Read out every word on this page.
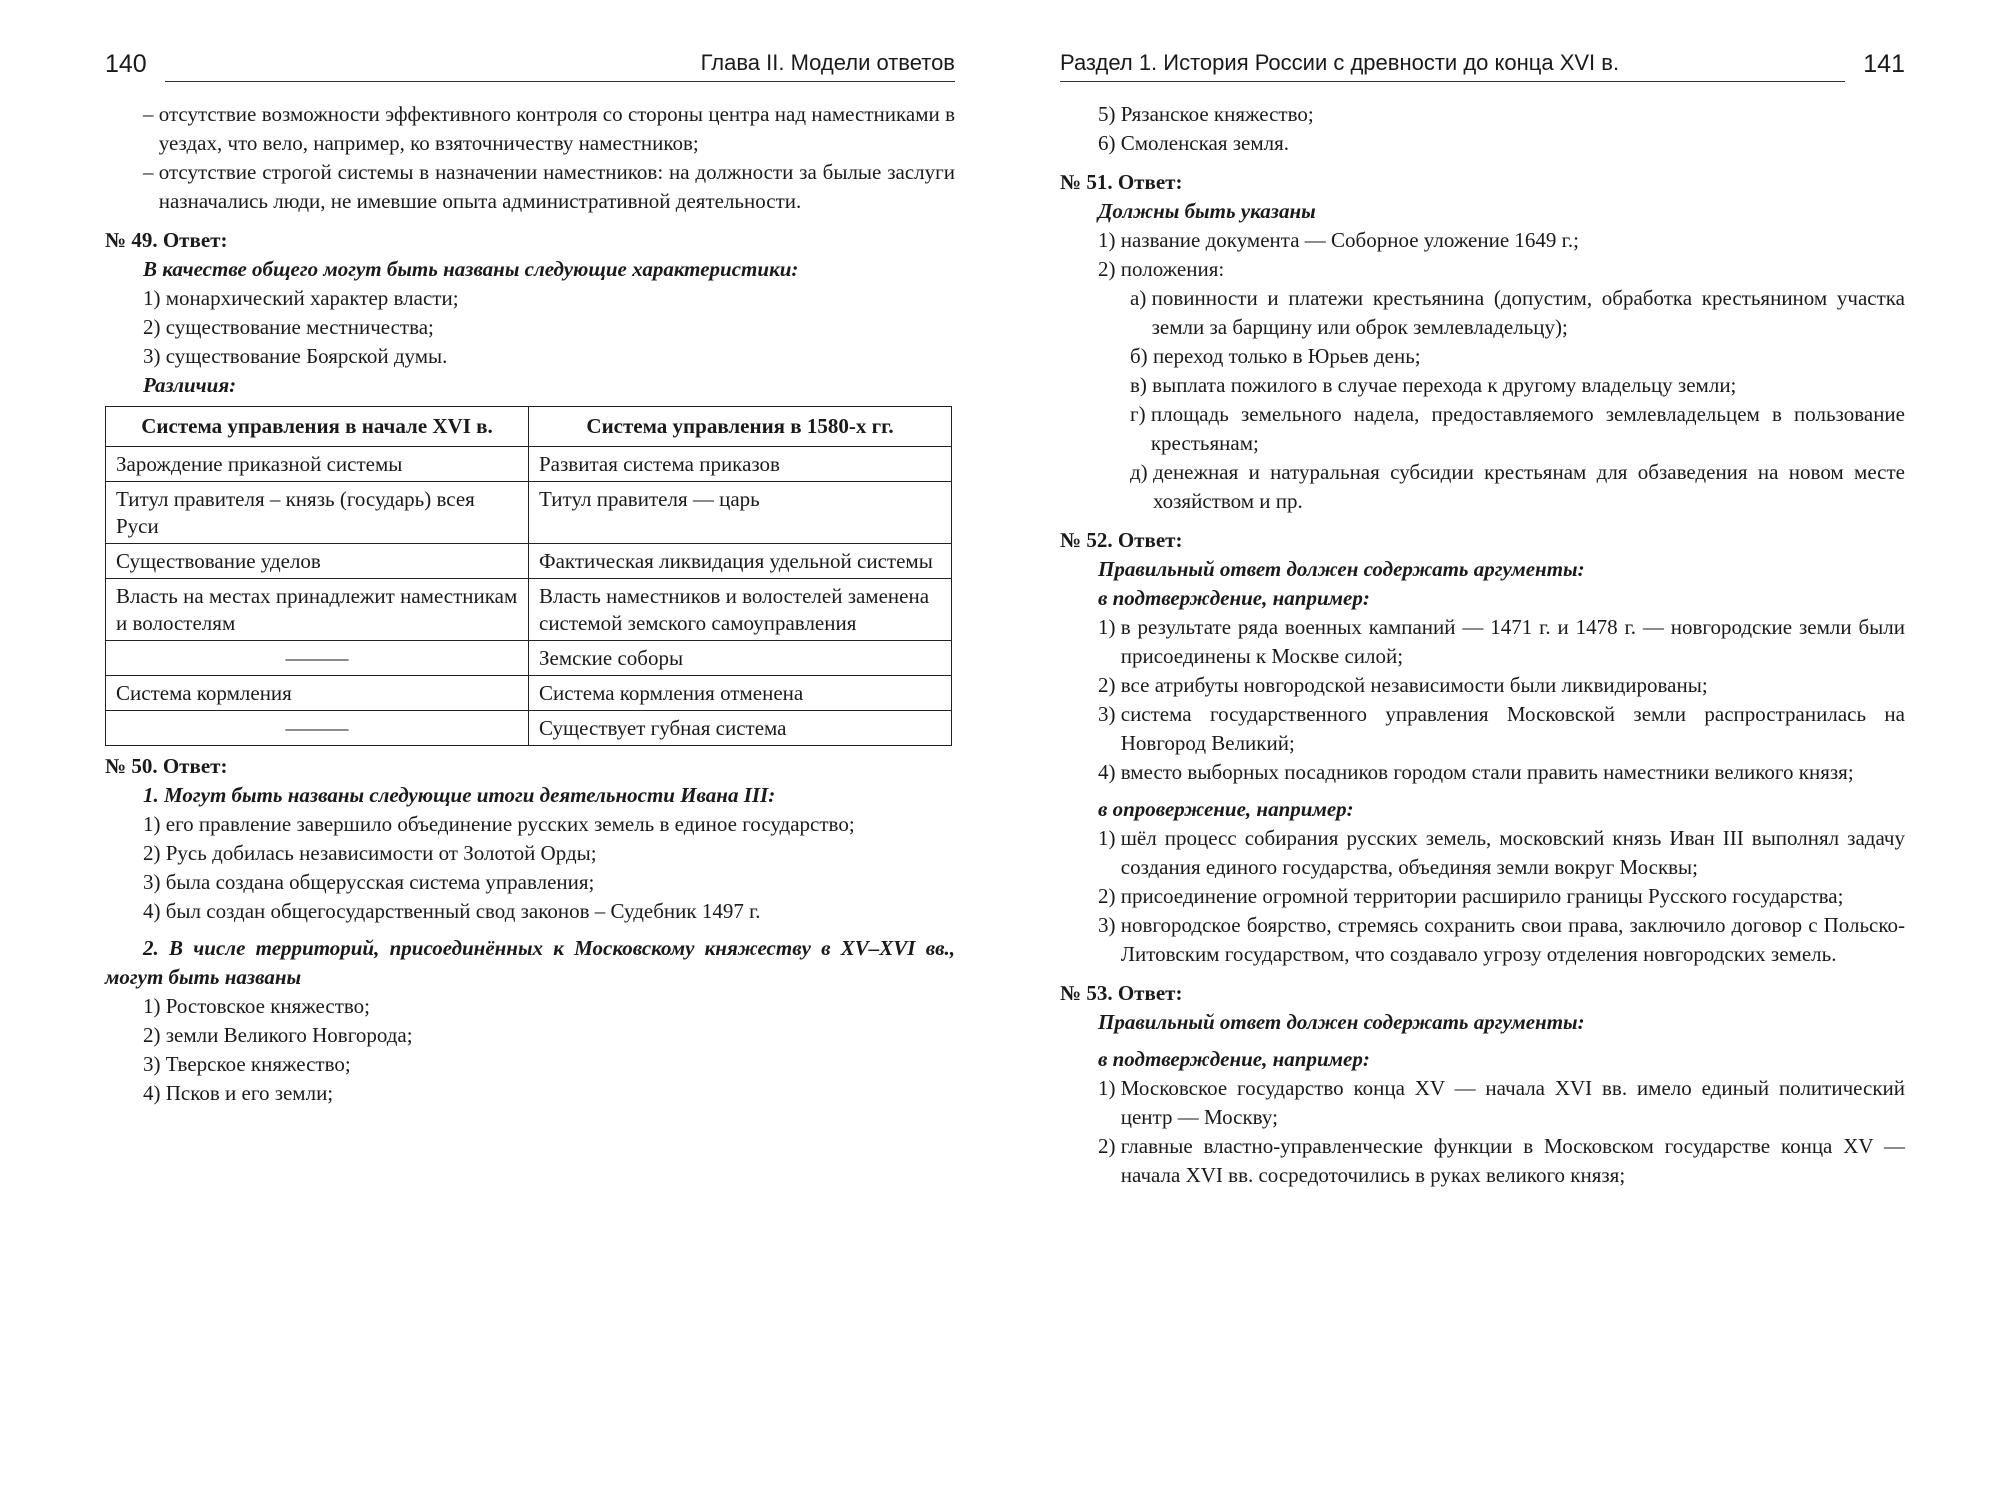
140	Глава II. Модели ответов
– отсутствие возможности эффективного контроля со стороны центра над наместниками в уездах, что вело, например, ко взяточничеству наместников;
– отсутствие строгой системы в назначении наместников: на должности за былые заслуги назначались люди, не имевшие опыта административной деятельности.

№ 49. Ответ:

В качестве общего могут быть названы следующие характеристики:

1) монархический характер власти;
2) существование местничества;
3) существование Боярской думы.

Различия:

Система управления в начале XVI в.	Система управления в 1580-х гг.
Зарождение приказной системы	Развитая система приказов
Титул правителя – князь (государь) всея Руси	Титул правителя — царь
Существование уделов	Фактическая ликвидация удельной системы
Власть на местах принадлежит наместникам и волостелям	Власть наместников и волостелей заменена системой земского самоуправления
———	Земские соборы
Система кормления	Система кормления отменена
———	Существует губная система

№ 50. Ответ:

1. Могут быть названы следующие итоги деятельности Ивана III:

1) его правление завершило объединение русских земель в единое государство;
2) Русь добилась независимости от Золотой Орды;
3) была создана общерусская система управления;
4) был создан общегосударственный свод законов – Судебник 1497 г.

2. В числе территорий, присоединённых к Московскому княжеству в XV–XVI вв., могут быть названы

1) Ростовское княжество;
2) земли Великого Новгорода;
3) Тверское княжество;
4) Псков и его земли;
Раздел 1. История России с древности до конца XVI в.	141
5) Рязанское княжество;
6) Смоленская земля.

№ 51. Ответ:

Должны быть указаны

1) название документа — Соборное уложение 1649 г.;
2) положения:
а) повинности и платежи крестьянина (допустим, обработка крестьянином участка земли за барщину или оброк землевладельцу);
б) переход только в Юрьев день;
в) выплата пожилого в случае перехода к другому владельцу земли;
г) площадь земельного надела, предоставляемого землевладельцем в пользование крестьянам;
д) денежная и натуральная субсидии крестьянам для обзаведения на новом месте хозяйством и пр.

№ 52. Ответ:

Правильный ответ должен содержать аргументы:

в подтверждение, например:

1) в результате ряда военных кампаний — 1471 г. и 1478 г. — новгородские земли были присоединены к Москве силой;
2) все атрибуты новгородской независимости были ликвидированы;
3) система государственного управления Московской земли распространилась на Новгород Великий;
4) вместо выборных посадников городом стали править наместники великого князя;

в опровержение, например:

1) шёл процесс собирания русских земель, московский князь Иван III выполнял задачу создания единого государства, объединяя земли вокруг Москвы;
2) присоединение огромной территории расширило границы Русского государства;
3) новгородское боярство, стремясь сохранить свои права, заключило договор с Польско-Литовским государством, что создавало угрозу отделения новгородских земель.

№ 53. Ответ:

Правильный ответ должен содержать аргументы:

в подтверждение, например:

1) Московское государство конца XV — начала XVI вв. имело единый политический центр — Москву;
2) главные властно-управленческие функции в Московском государстве конца XV — начала XVI вв. сосредоточились в руках великого князя;
